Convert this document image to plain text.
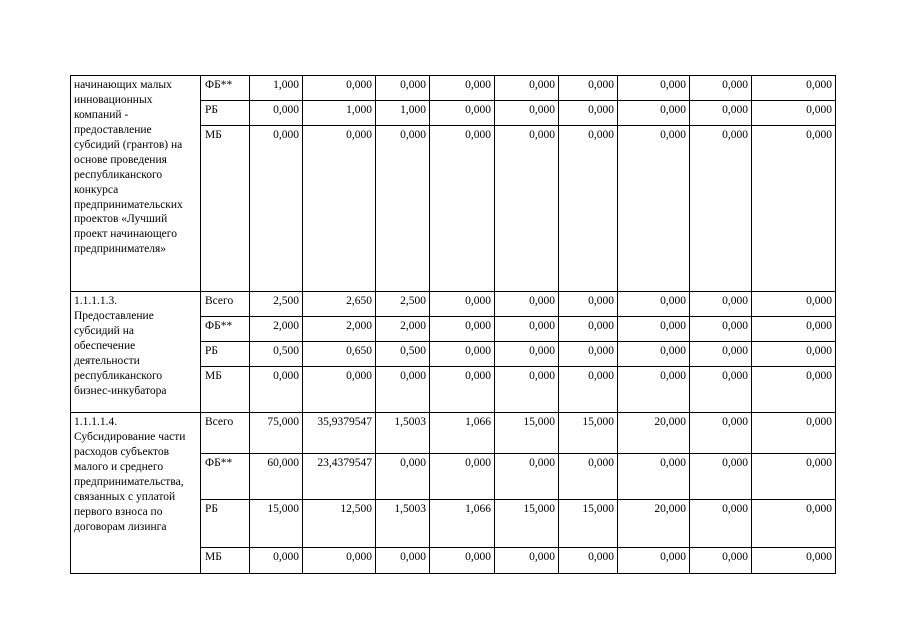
начинающих малых инновационных компаний - предоставление субсидий (грантов) на основе проведения республиканского конкурса предпринимательских проектов «Лучший проект начинающего предпринимателя»	ФБ**	1,000	0,000	0,000	0,000	0,000	0,000	0,000	0,000	0,000
	РБ	0,000	1,000	1,000	0,000	0,000	0,000	0,000	0,000	0,000
	МБ	0,000	0,000	0,000	0,000	0,000	0,000	0,000	0,000	0,000
1.1.1.1.3. Предоставление субсидий на обеспечение деятельности республиканского бизнес-инкубатора	Всего	2,500	2,650	2,500	0,000	0,000	0,000	0,000	0,000	0,000
	ФБ**	2,000	2,000	2,000	0,000	0,000	0,000	0,000	0,000	0,000
	РБ	0,500	0,650	0,500	0,000	0,000	0,000	0,000	0,000	0,000
	МБ	0,000	0,000	0,000	0,000	0,000	0,000	0,000	0,000	0,000
1.1.1.1.4. Субсидирование части расходов субъектов малого и среднего предпринимательства, связанных с уплатой первого взноса по договорам лизинга	Всего	75,000	35,9379547	1,5003	1,066	15,000	15,000	20,000	0,000	0,000
	ФБ**	60,000	23,4379547	0,000	0,000	0,000	0,000	0,000	0,000	0,000
	РБ	15,000	12,500	1,5003	1,066	15,000	15,000	20,000	0,000	0,000
	МБ	0,000	0,000	0,000	0,000	0,000	0,000	0,000	0,000	0,000
